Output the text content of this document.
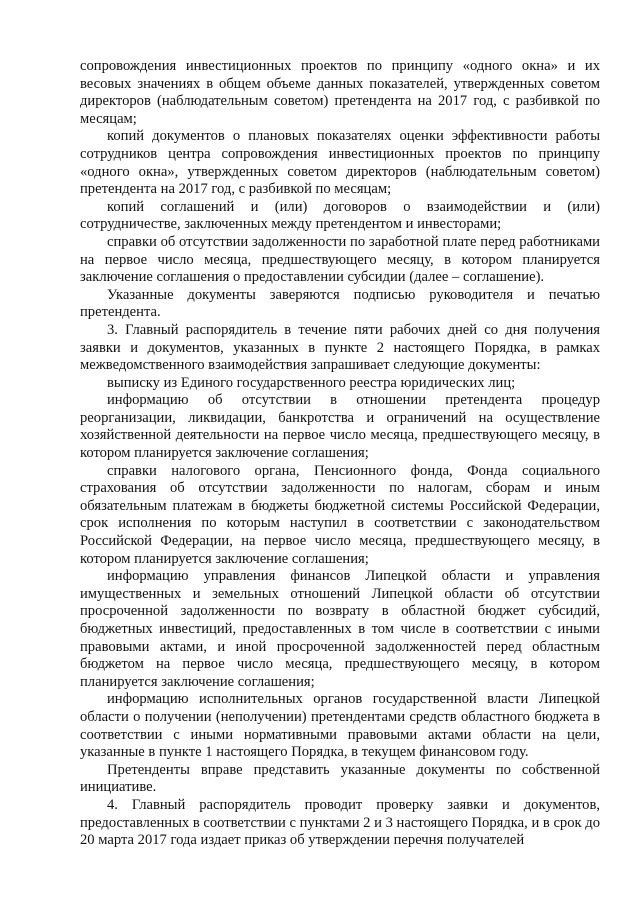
сопровождения инвестиционных проектов по принципу «одного окна» и их весовых значениях в общем объеме данных показателей, утвержденных советом директоров (наблюдательным советом) претендента на 2017 год, с разбивкой по месяцам;

копий документов о плановых показателях оценки эффективности работы сотрудников центра сопровождения инвестиционных проектов по принципу «одного окна», утвержденных советом директоров (наблюдательным советом) претендента на 2017 год, с разбивкой по месяцам;

копий соглашений и (или) договоров о взаимодействии и (или) сотрудничестве, заключенных между претендентом и инвесторами;

справки об отсутствии задолженности по заработной плате перед работниками на первое число месяца, предшествующего месяцу, в котором планируется заключение соглашения о предоставлении субсидии (далее – соглашение).

Указанные документы заверяются подписью руководителя и печатью претендента.

3. Главный распорядитель в течение пяти рабочих дней со дня получения заявки и документов, указанных в пункте 2 настоящего Порядка, в рамках межведомственного взаимодействия запрашивает следующие документы:

выписку из Единого государственного реестра юридических лиц;

информацию об отсутствии в отношении претендента процедур реорганизации, ликвидации, банкротства и ограничений на осуществление хозяйственной деятельности на первое число месяца, предшествующего месяцу, в котором планируется заключение соглашения;

справки налогового органа, Пенсионного фонда, Фонда социального страхования об отсутствии задолженности по налогам, сборам и иным обязательным платежам в бюджеты бюджетной системы Российской Федерации, срок исполнения по которым наступил в соответствии с законодательством Российской Федерации, на первое число месяца, предшествующего месяцу, в котором планируется заключение соглашения;

информацию управления финансов Липецкой области и управления имущественных и земельных отношений Липецкой области об отсутствии просроченной задолженности по возврату в областной бюджет субсидий, бюджетных инвестиций, предоставленных в том числе в соответствии с иными правовыми актами, и иной просроченной задолженностей перед областным бюджетом на первое число месяца, предшествующего месяцу, в котором планируется заключение соглашения;

информацию исполнительных органов государственной власти Липецкой области о получении (неполучении) претендентами средств областного бюджета в соответствии с иными нормативными правовыми актами области на цели, указанные в пункте 1 настоящего Порядка, в текущем финансовом году.

Претенденты вправе представить указанные документы по собственной инициативе.

4. Главный распорядитель проводит проверку заявки и документов, предоставленных в соответствии с пунктами 2 и 3 настоящего Порядка, и в срок до 20 марта 2017 года издает приказ об утверждении перечня получателей
